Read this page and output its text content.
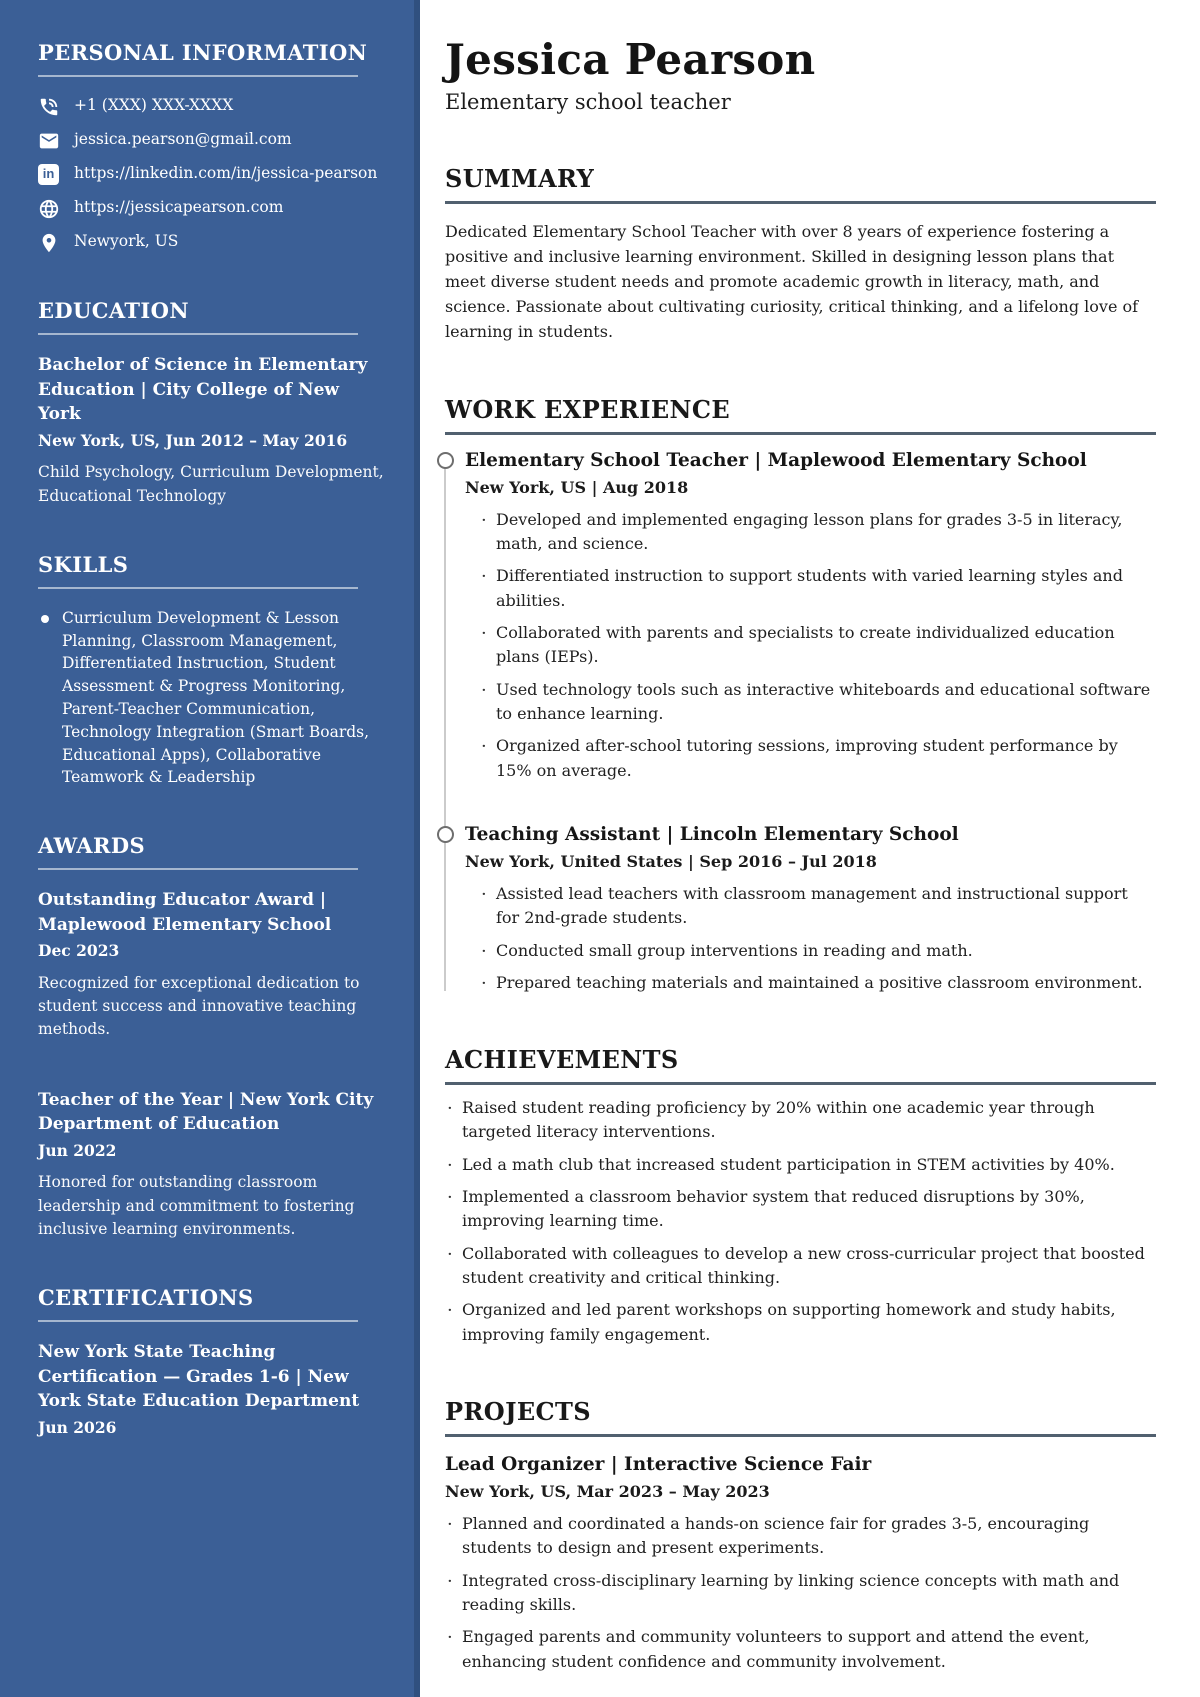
PERSONAL INFORMATION
+1 (XXX) XXX-XXXX
jessica.pearson@gmail.com
in	https://linkedin.com/in/jessica-pearson
https://jessicapearson.com
Newyork, US
EDUCATION
Bachelor of Science in Elementary Education | City College of New York
New York, US, Jun 2012 – May 2016
Child Psychology, Curriculum Development, Educational Technology
SKILLS
Curriculum Development & Lesson Planning, Classroom Management, Differentiated Instruction, Student Assessment & Progress Monitoring, Parent-Teacher Communication, Technology Integration (Smart Boards, Educational Apps), Collaborative Teamwork & Leadership
AWARDS
Outstanding Educator Award | Maplewood Elementary School
Dec 2023
Recognized for exceptional dedication to student success and innovative teaching methods.
Teacher of the Year | New York City Department of Education
Jun 2022
Honored for outstanding classroom leadership and commitment to fostering inclusive learning environments.
CERTIFICATIONS
New York State Teaching Certification — Grades 1-6 | New York State Education Department
Jun 2026
Jessica Pearson
Elementary school teacher
SUMMARY

Dedicated Elementary School Teacher with over 8 years of experience fostering a positive and inclusive learning environment. Skilled in designing lesson plans that meet diverse student needs and promote academic growth in literacy, math, and science. Passionate about cultivating curiosity, critical thinking, and a lifelong love of learning in students.

WORK EXPERIENCE
Elementary School Teacher | Maplewood Elementary School
New York, US | Aug 2018
· Developed and implemented engaging lesson plans for grades 3-5 in literacy, math, and science.
· Differentiated instruction to support students with varied learning styles and abilities.
· Collaborated with parents and specialists to create individualized education plans (IEPs).
· Used technology tools such as interactive whiteboards and educational software to enhance learning.
· Organized after-school tutoring sessions, improving student performance by 15% on average.
Teaching Assistant | Lincoln Elementary School
New York, United States | Sep 2016 – Jul 2018
· Assisted lead teachers with classroom management and instructional support for 2nd-grade students.
· Conducted small group interventions in reading and math.
· Prepared teaching materials and maintained a positive classroom environment.
ACHIEVEMENTS
· Raised student reading proficiency by 20% within one academic year through targeted literacy interventions.
· Led a math club that increased student participation in STEM activities by 40%.
· Implemented a classroom behavior system that reduced disruptions by 30%, improving learning time.
· Collaborated with colleagues to develop a new cross-curricular project that boosted student creativity and critical thinking.
· Organized and led parent workshops on supporting homework and study habits, improving family engagement.
PROJECTS
Lead Organizer | Interactive Science Fair
New York, US, Mar 2023 – May 2023
· Planned and coordinated a hands-on science fair for grades 3-5, encouraging students to design and present experiments.
· Integrated cross-disciplinary learning by linking science concepts with math and reading skills.
· Engaged parents and community volunteers to support and attend the event, enhancing student confidence and community involvement.
